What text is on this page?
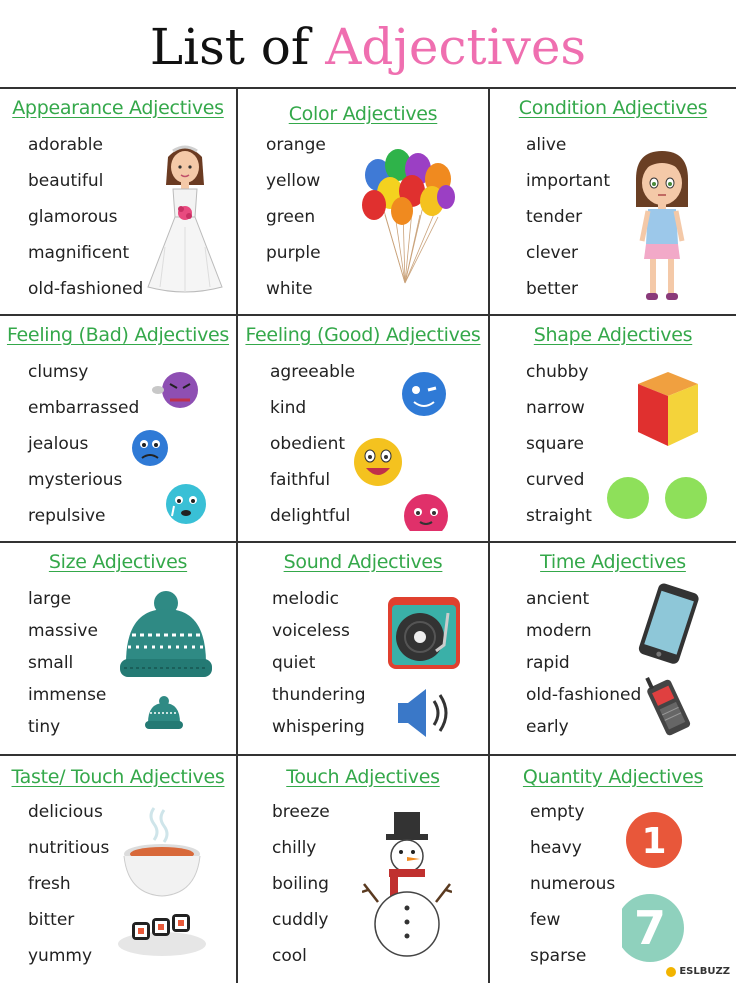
List of Adjectives
Appearance Adjectives
adorable
beautiful
glamorous
magnificent
old-fashioned
Color Adjectives
orange
yellow
green
purple
white
Condition Adjectives
alive
important
tender
clever
better
Feeling (Bad) Adjectives
clumsy
embarrassed
jealous
mysterious
repulsive
Feeling (Good) Adjectives
agreeable
kind
obedient
faithful
delightful
Shape Adjectives
chubby
narrow
square
curved
straight
Size Adjectives
large
massive
small
immense
tiny
Sound Adjectives
melodic
voiceless
quiet
thundering
whispering
Time Adjectives
ancient
modern
rapid
old-fashioned
early
Taste/ Touch Adjectives
delicious
nutritious
fresh
bitter
yummy
Touch Adjectives
breeze
chilly
boiling
cuddly
cool
Quantity Adjectives
empty
heavy
numerous
few
sparse
1
7
ESLBUZZ
